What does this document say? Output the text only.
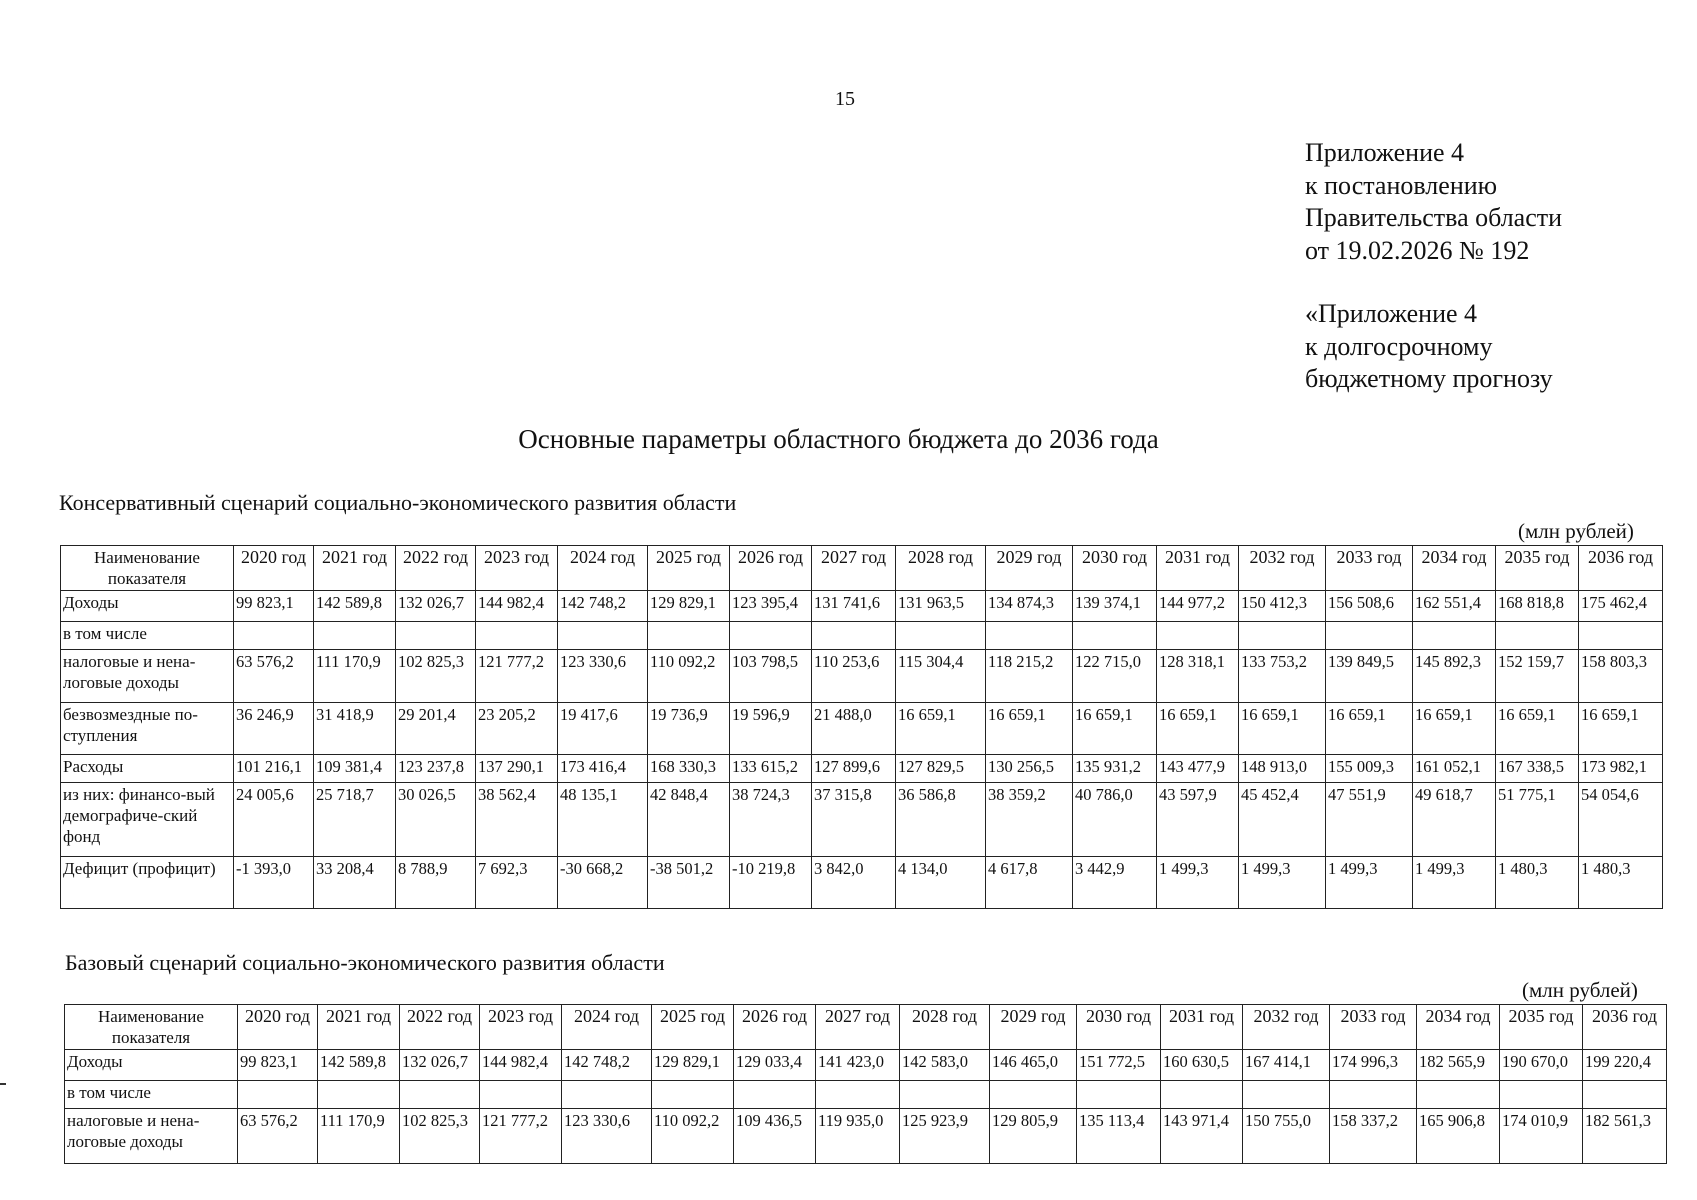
15
Приложение 4
к постановлению
Правительства области
от 19.02.2026 № 192
«Приложение 4
к долгосрочному
бюджетному прогнозу
Основные параметры областного бюджета до 2036 года
Консервативный сценарий социально-экономического развития области
(млн рублей)
Наименование показателя	2020 год	2021 год	2022 год	2023 год	2024 год	2025 год	2026 год	2027 год	2028 год	2029 год	2030 год	2031 год	2032 год	2033 год	2034 год	2035 год	2036 год
Доходы	99 823,1	142 589,8	132 026,7	144 982,4	142 748,2	129 829,1	123 395,4	131 741,6	131 963,5	134 874,3	139 374,1	144 977,2	150 412,3	156 508,6	162 551,4	168 818,8	175 462,4
в том числе																	
налоговые и нена-логовые доходы	63 576,2	111 170,9	102 825,3	121 777,2	123 330,6	110 092,2	103 798,5	110 253,6	115 304,4	118 215,2	122 715,0	128 318,1	133 753,2	139 849,5	145 892,3	152 159,7	158 803,3
безвозмездные по-ступления	36 246,9	31 418,9	29 201,4	23 205,2	19 417,6	19 736,9	19 596,9	21 488,0	16 659,1	16 659,1	16 659,1	16 659,1	16 659,1	16 659,1	16 659,1	16 659,1	16 659,1
Расходы	101 216,1	109 381,4	123 237,8	137 290,1	173 416,4	168 330,3	133 615,2	127 899,6	127 829,5	130 256,5	135 931,2	143 477,9	148 913,0	155 009,3	161 052,1	167 338,5	173 982,1
из них: финансо-вый демографиче-ский фонд	24 005,6	25 718,7	30 026,5	38 562,4	48 135,1	42 848,4	38 724,3	37 315,8	36 586,8	38 359,2	40 786,0	43 597,9	45 452,4	47 551,9	49 618,7	51 775,1	54 054,6
Дефицит (профицит)	-1 393,0	33 208,4	8 788,9	7 692,3	-30 668,2	-38 501,2	-10 219,8	3 842,0	4 134,0	4 617,8	3 442,9	1 499,3	1 499,3	1 499,3	1 499,3	1 480,3	1 480,3
Базовый сценарий социально-экономического развития области
(млн рублей)
Наименование показателя	2020 год	2021 год	2022 год	2023 год	2024 год	2025 год	2026 год	2027 год	2028 год	2029 год	2030 год	2031 год	2032 год	2033 год	2034 год	2035 год	2036 год
Доходы	99 823,1	142 589,8	132 026,7	144 982,4	142 748,2	129 829,1	129 033,4	141 423,0	142 583,0	146 465,0	151 772,5	160 630,5	167 414,1	174 996,3	182 565,9	190 670,0	199 220,4
в том числе																	
налоговые и нена-логовые доходы	63 576,2	111 170,9	102 825,3	121 777,2	123 330,6	110 092,2	109 436,5	119 935,0	125 923,9	129 805,9	135 113,4	143 971,4	150 755,0	158 337,2	165 906,8	174 010,9	182 561,3
